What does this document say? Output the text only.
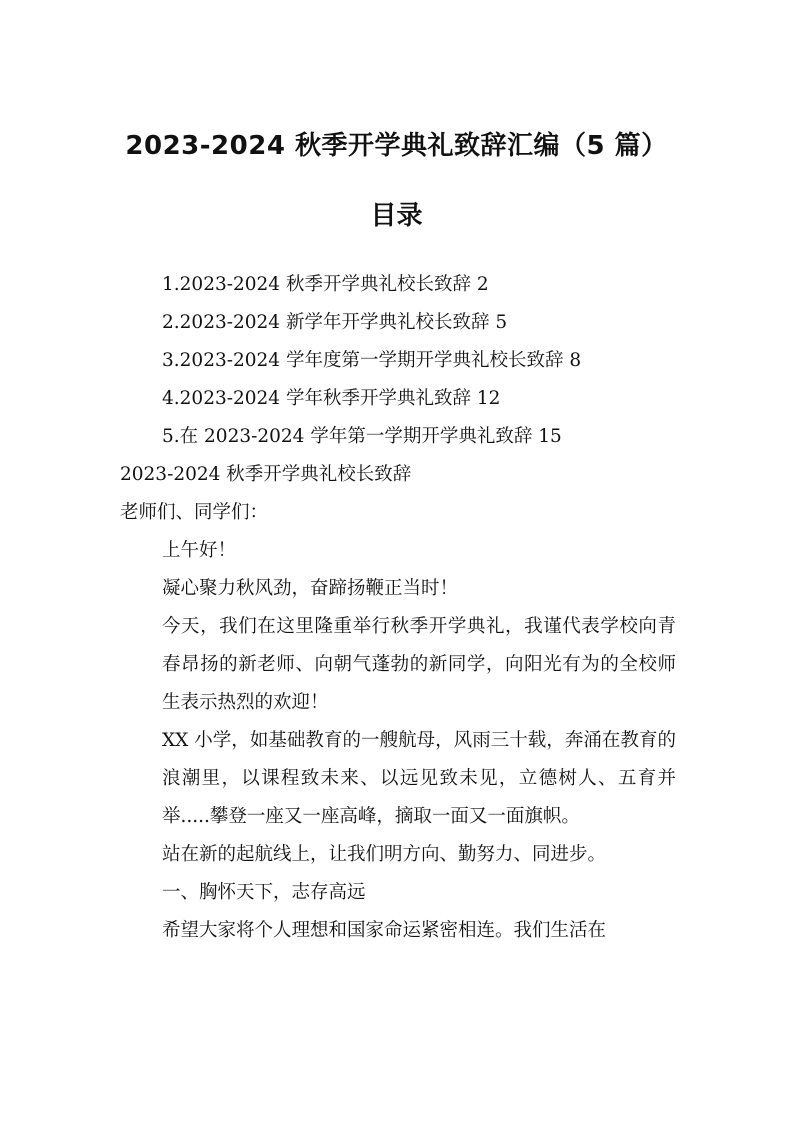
2023-2024 秋季开学典礼致辞汇编（5 篇）
目录

1.2023-2024 秋季开学典礼校长致辞 2

2.2023-2024 新学年开学典礼校长致辞 5

3.2023-2024 学年度第一学期开学典礼校长致辞 8

4.2023-2024 学年秋季开学典礼致辞 12

5.在 2023-2024 学年第一学期开学典礼致辞 15

2023-2024 秋季开学典礼校长致辞

老师们、同学们：

上午好！

凝心聚力秋风劲，奋蹄扬鞭正当时！

今天，我们在这里隆重举行秋季开学典礼，我谨代表学校向青春昂扬的新老师、向朝气蓬勃的新同学，向阳光有为的全校师生表示热烈的欢迎！

XX 小学，如基础教育的一艘航母，风雨三十载，奔涌在教育的浪潮里，以课程致未来、以远见致未见，立德树人、五育并举.....攀登一座又一座高峰，摘取一面又一面旗帜。

站在新的起航线上，让我们明方向、勤努力、同进步。

一、胸怀天下，志存高远

希望大家将个人理想和国家命运紧密相连。我们生活在
